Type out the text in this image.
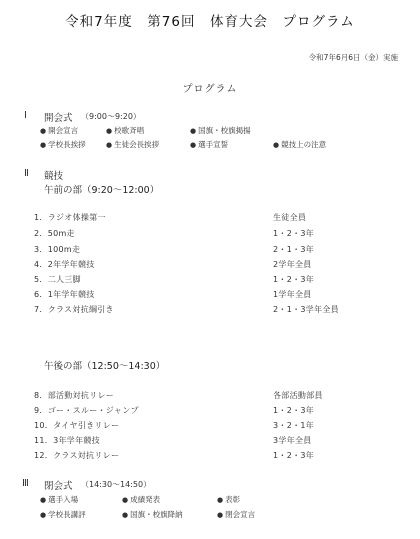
令和7年度　第76回　体育大会　プログラム
令和7年6月6日（金）実施
プログラム
Ⅰ 開会式 （9:00～9:20）
● 開会宣言	● 校歌斉唱	● 国旗・校旗掲揚
● 学校長挨拶	● 生徒会長挨拶	● 選手宣誓	● 競技上の注意
Ⅱ 競技
午前の部（9:20～12:00）
1．ラジオ体操第一	生徒全員
2．50m走	1・2・3年
3．100m走	2・1・3年
4．2年学年競技	2学年全員
5．二人三脚	1・2・3年
6．1年学年競技	1学年全員
7．クラス対抗綱引き	2・1・3学年全員
午後の部（12:50～14:30）
8．部活動対抗リレー	各部活動部員
9．ゴー・スルー・ジャンプ	1・2・3年
10．タイヤ引きリレー	3・2・1年
11．3年学年競技	3学年全員
12．クラス対抗リレー	1・2・3年
Ⅲ 閉会式 （14:30～14:50）
● 選手入場	● 成績発表	● 表彰
● 学校長講評	● 国旗・校旗降納	● 閉会宣言
